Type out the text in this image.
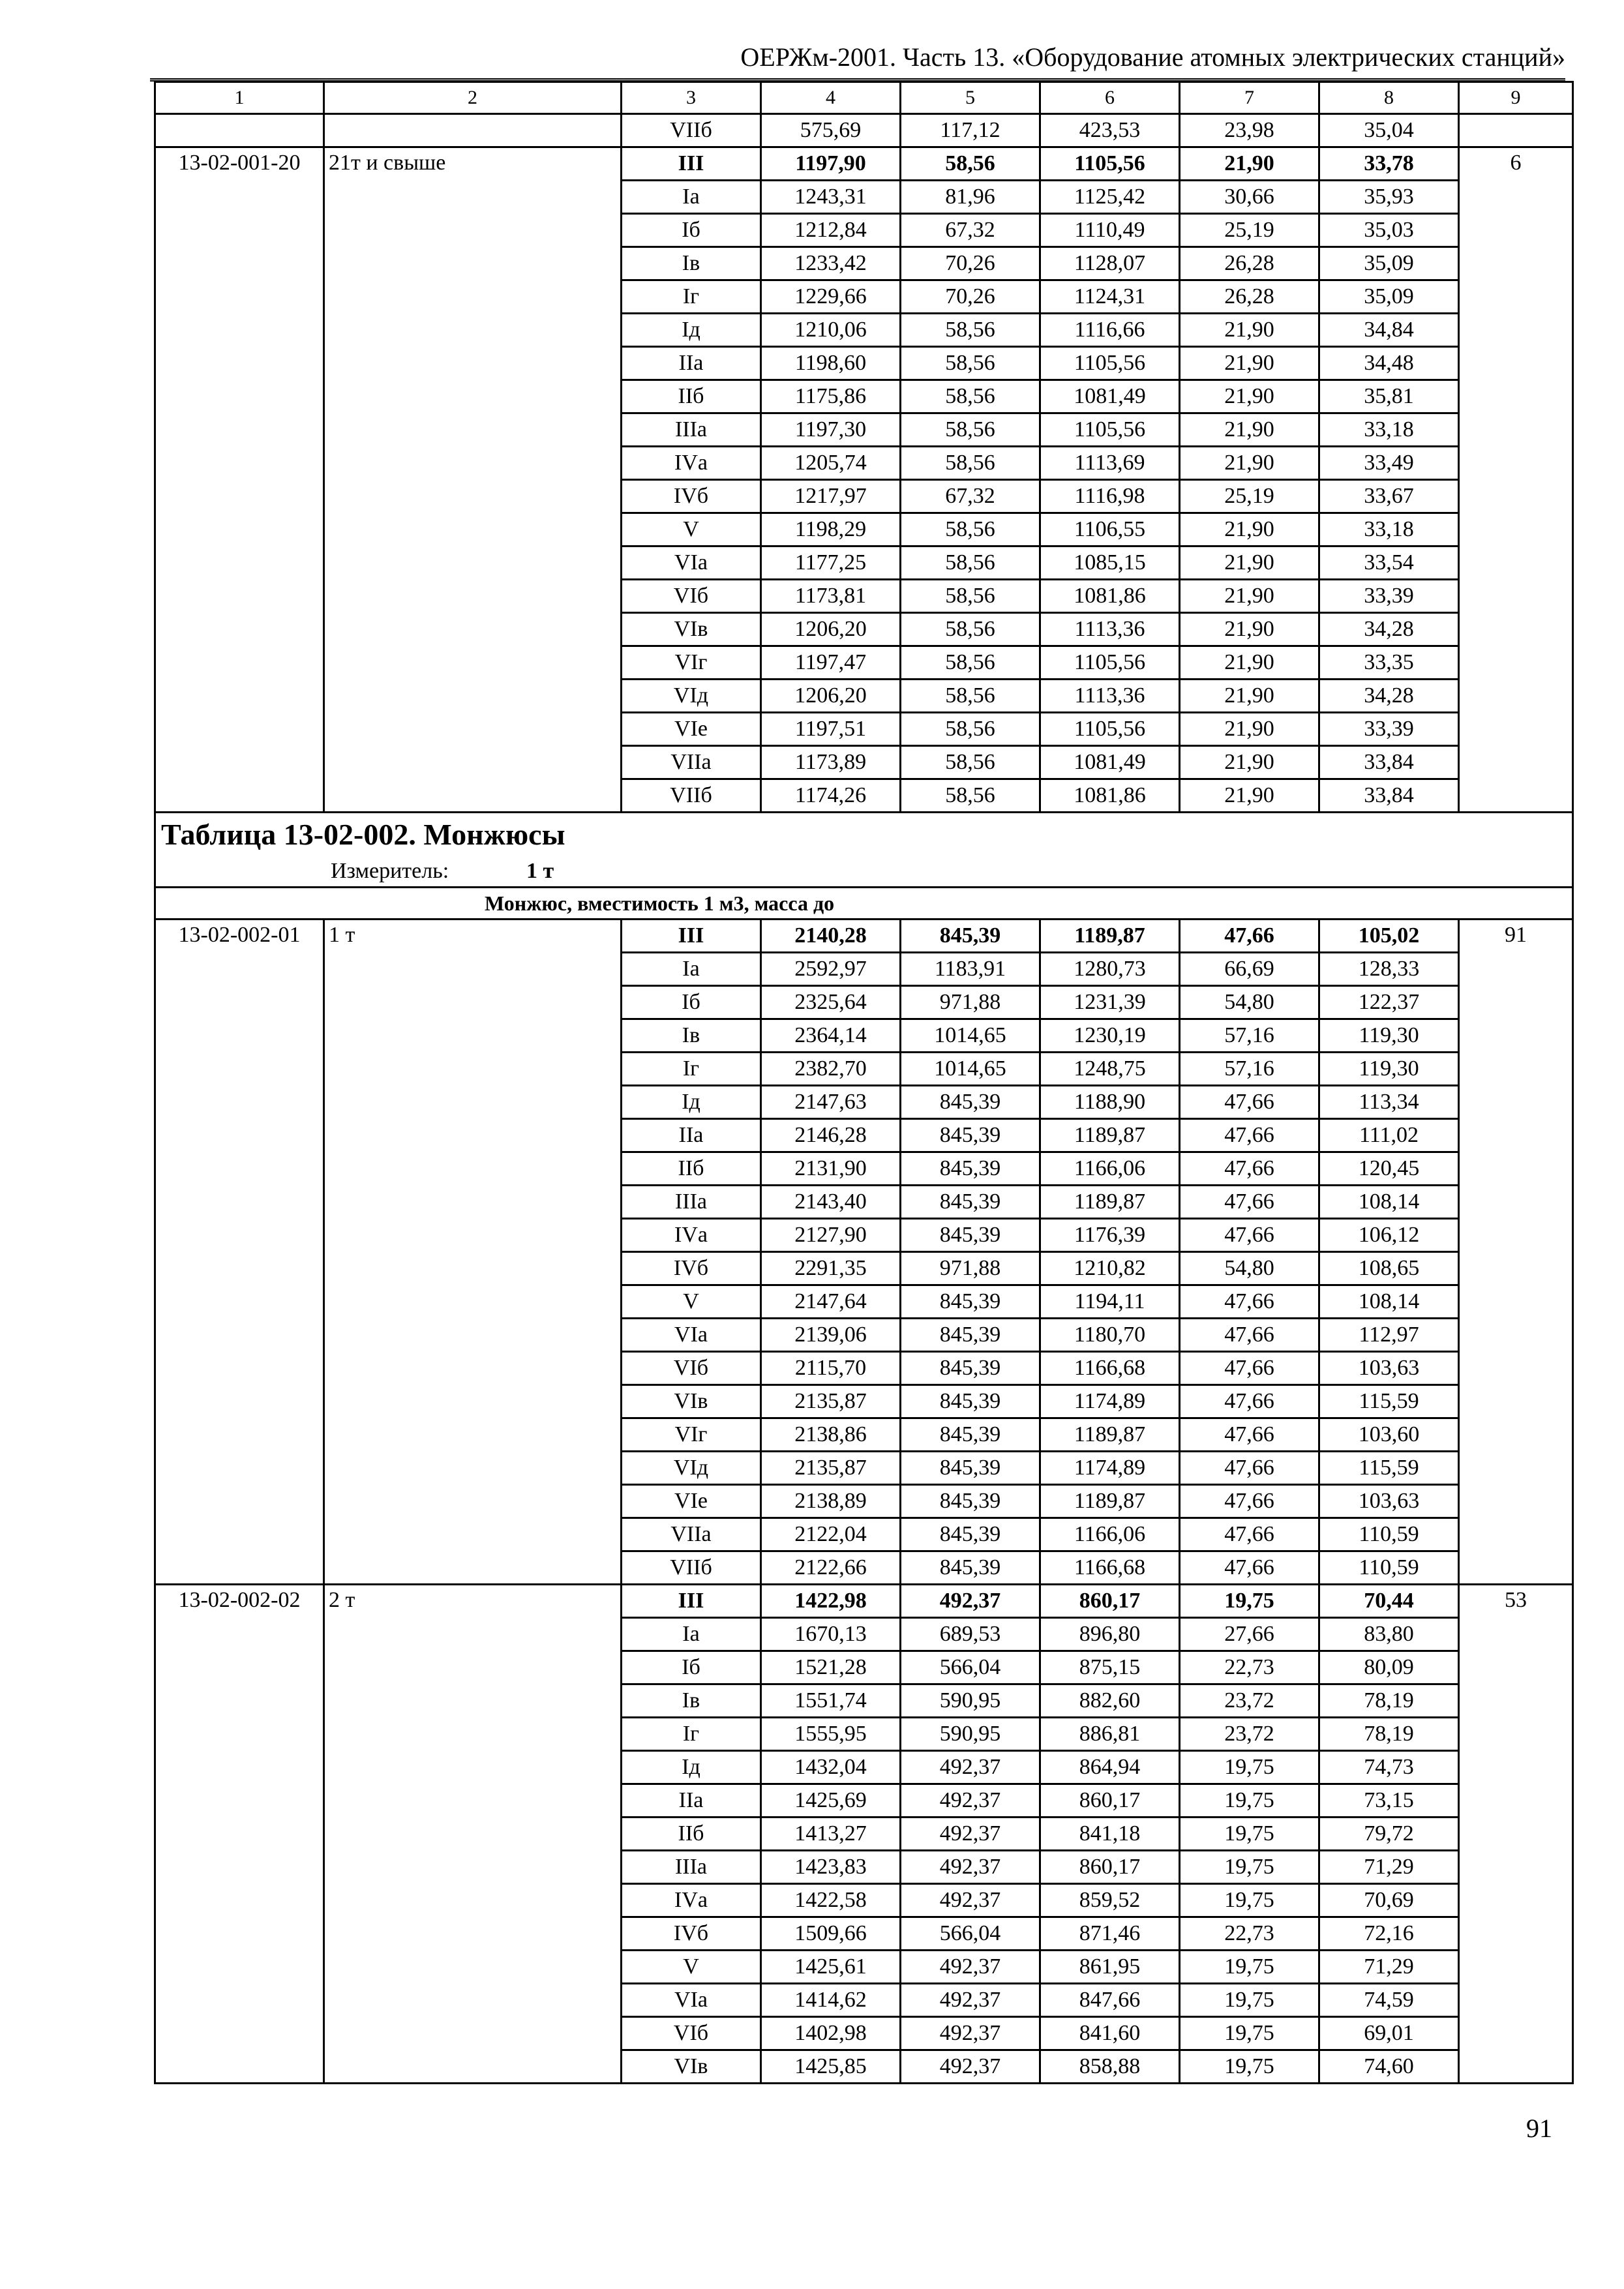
ОЕРЖм-2001. Часть 13. «Оборудование атомных электрических станций»
1	2	3	4	5	6	7	8	9
		VIIб	575,69	117,12	423,53	23,98	35,04	
13-02-001-20	21т и свыше	III	1197,90	58,56	1105,56	21,90	33,78	6
		Iа	1243,31	81,96	1125,42	30,66	35,93	
		Iб	1212,84	67,32	1110,49	25,19	35,03	
		Iв	1233,42	70,26	1128,07	26,28	35,09	
		Iг	1229,66	70,26	1124,31	26,28	35,09	
		Iд	1210,06	58,56	1116,66	21,90	34,84	
		IIа	1198,60	58,56	1105,56	21,90	34,48	
		IIб	1175,86	58,56	1081,49	21,90	35,81	
		IIIа	1197,30	58,56	1105,56	21,90	33,18	
		IVа	1205,74	58,56	1113,69	21,90	33,49	
		IVб	1217,97	67,32	1116,98	25,19	33,67	
		V	1198,29	58,56	1106,55	21,90	33,18	
		VIа	1177,25	58,56	1085,15	21,90	33,54	
		VIб	1173,81	58,56	1081,86	21,90	33,39	
		VIв	1206,20	58,56	1113,36	21,90	34,28	
		VIг	1197,47	58,56	1105,56	21,90	33,35	
		VIд	1206,20	58,56	1113,36	21,90	34,28	
		VIе	1197,51	58,56	1105,56	21,90	33,39	
		VIIа	1173,89	58,56	1081,49	21,90	33,84	
		VIIб	1174,26	58,56	1081,86	21,90	33,84	
Таблица 13-02-002. Монжюсы								
Измеритель: 1 т								
Монжюс, вместимость 1 м3, масса до								
13-02-002-01	1 т	III	2140,28	845,39	1189,87	47,66	105,02	91
		Iа	2592,97	1183,91	1280,73	66,69	128,33	
		Iб	2325,64	971,88	1231,39	54,80	122,37	
		Iв	2364,14	1014,65	1230,19	57,16	119,30	
		Iг	2382,70	1014,65	1248,75	57,16	119,30	
		Iд	2147,63	845,39	1188,90	47,66	113,34	
		IIа	2146,28	845,39	1189,87	47,66	111,02	
		IIб	2131,90	845,39	1166,06	47,66	120,45	
		IIIа	2143,40	845,39	1189,87	47,66	108,14	
		IVа	2127,90	845,39	1176,39	47,66	106,12	
		IVб	2291,35	971,88	1210,82	54,80	108,65	
		V	2147,64	845,39	1194,11	47,66	108,14	
		VIа	2139,06	845,39	1180,70	47,66	112,97	
		VIб	2115,70	845,39	1166,68	47,66	103,63	
		VIв	2135,87	845,39	1174,89	47,66	115,59	
		VIг	2138,86	845,39	1189,87	47,66	103,60	
		VIд	2135,87	845,39	1174,89	47,66	115,59	
		VIе	2138,89	845,39	1189,87	47,66	103,63	
		VIIа	2122,04	845,39	1166,06	47,66	110,59	
		VIIб	2122,66	845,39	1166,68	47,66	110,59	
13-02-002-02	2 т	III	1422,98	492,37	860,17	19,75	70,44	53
		Iа	1670,13	689,53	896,80	27,66	83,80	
		Iб	1521,28	566,04	875,15	22,73	80,09	
		Iв	1551,74	590,95	882,60	23,72	78,19	
		Iг	1555,95	590,95	886,81	23,72	78,19	
		Iд	1432,04	492,37	864,94	19,75	74,73	
		IIа	1425,69	492,37	860,17	19,75	73,15	
		IIб	1413,27	492,37	841,18	19,75	79,72	
		IIIа	1423,83	492,37	860,17	19,75	71,29	
		IVа	1422,58	492,37	859,52	19,75	70,69	
		IVб	1509,66	566,04	871,46	22,73	72,16	
		V	1425,61	492,37	861,95	19,75	71,29	
		VIа	1414,62	492,37	847,66	19,75	74,59	
		VIб	1402,98	492,37	841,60	19,75	69,01	
		VIв	1425,85	492,37	858,88	19,75	74,60	
91
